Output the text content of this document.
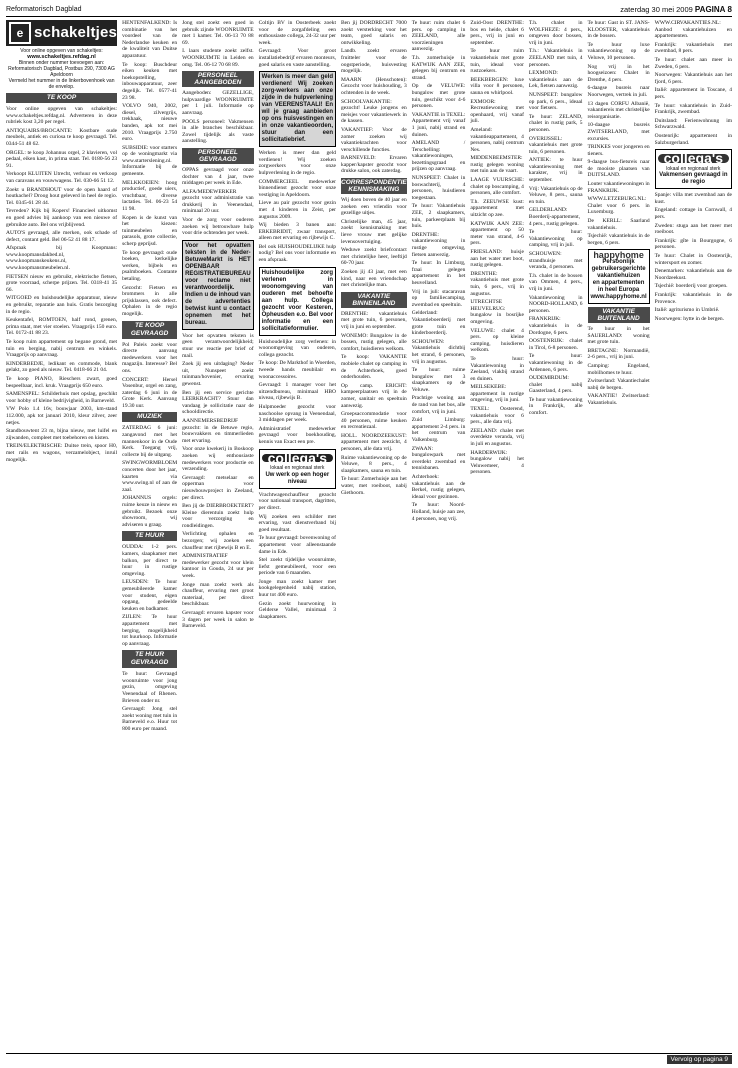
Reformatorisch Dagblad	zaterdag 30 mei 2009 PAGINA 8
e schakeltjes
Voor online opgeven van schakeltjes:
www.schakeltjes.refdag.nl
Binnen onder nummer toevoegen aan:
Reformatorisch Dagblad, Postbus 290, 7300 AG Apeldoorn
Vermeld het nummer in de linkerbovenhoek van de envelop.
TE KOOP

Voor online opgeven van schakeltjes: www.schakeltjes.refdag.nl. Adverteren in deze rubriek kost 3,20 per regel.

ANTIQUAIRS/BROCANTE: Kostbare oude meubels, antiek en curiosa te koop gevraagd. Tel. 0344-51 48 62.

ORGEL: te koop Johannus orgel, 2 klavieren, vol pedaal, eiken kast, in prima staat. Tel. 0180-56 23 91.

Verkoopt KLUITEN Utrecht, verhuur en verkoop van caravans en vouwwagens. Tel. 030-66 51 12.

Zoekt u BRANDHOUT voor de open haard of houtkachel? Droog hout geleverd in heel de regio. Tel. 0345-61 28 44.

Tevreden? Kijk bij Kopers! Financieel uitkomst en goed advies bij aankoop van een nieuwe of gebruikte auto. Bel ons vrijblijvend.

AUTO'S gevraagd, alle merken, ook schade of defect, contant geld. Bel 06-52 41 88 17.

Afspraak bij Koopmans: www.koopmansdakbed.nl, www.koopmanskeukens.nl, www.koopmansmeubelen.nl.

FIETSEN nieuw en gebruikt, elektrische fietsen, grote voorraad, scherpe prijzen. Tel. 0318-41 35 66.

WITGOED en huishoudelijke apparatuur, nieuw en gebruikt, reparatie aan huis. Gratis bezorging in de regio.

Keukentafel, ROMTOEN, half rond, grenen, prima staat, met vier stoelen. Vraagprijs 150 euro. Tel. 0172-41 88 23.

Te koop ruim appartement op begane grond, met tuin en berging, nabij centrum en winkels. Vraagprijs op aanvraag.

KINDERBEDJE, ledikant en commode, blank gelakt, zo goed als nieuw. Tel. 0418-66 21 04.

Te koop PIANO, Rieschers zwart, goed bespeelbaar, incl. kruk. Vraagprijs 650 euro.

SAMENSPEL: Schilderhuis met opslag, geschikt voor hobby of kleine bedrijvigheid, in Barneveld.

VW Polo 1.4 16v, bouwjaar 2003, km-stand 112.000, apk tot januari 2010, kleur zilver, zeer netjes.

Standbouwtent 23 m, bijna nieuw, met luifel en zijwanden, compleet met toebehoren en kisten.

TREIN/ELEKTRISCHE: Duitse trein, spoor H0, met rails en wagons, verzamelobject, inruil mogelijk.

HENTENFALKEND: Is combinatie van het voordeel van de Nederlandse keuken en de kwaliteit van Duitse apparatuur.

Te koop: Buschdeur eiken keuken met hoekopstelling, inbouwapparatuur, zeer degelijk. Tel. 0577-41 23 98.

VOLVO 940, 2002, diesel, zilvergrijs, trekhaak, nieuwe banden, apk tot mei 2010. Vraagprijs 2.750 euro.

SUBSIDIE: voor starters op de woningmarkt via www.starterslening.nl. Informatie bij de gemeente.

MELKKOEIEN: hoog productief, goede uiers, vruchtbaar, diverse lactaties. Tel. 06-23 54 11 98.

Kopen is de kunst van het kiezen: tuinmeubelen en parasols, grote collectie, scherp geprijsd.

Te koop gevraagd: oude boeken, kerkelijke werken, bijbels en psalmboeken. Contante betaling.

Gezocht: Fietsen en brommers in alle prijsklassen, ook defect. Ophalen in de regio mogelijk.

TE KOOP GEVRAAGD

Pol Paleis zoekt voor directe aanvang medewerkers voor het magazijn. Interesse? Bel ons.

CONCERT: Hersel Vosenbur, orgel en zang, zaterdag 6 juni in de Grote Kerk. Aanvang 19.30 uur.

MUZIEK

ZATERDAG 6 juni: zangavond met het mannenkoor in de Oude Kerk. Toegang vrij, collecte bij de uitgang.

SWINGWORMBLOEM concerten door het jaar, kaarten via www.swing.nl of aan de zaal.

JOHANNUS orgels: ruime keuze in nieuw en gebruikt. Bezoek onze showroom, wij adviseren u graag.

TE HUUR

OUDDA: 1-2 pers. kamers, slaapkamer met balkon, per direct te huur in rustige omgeving.

LEUSDEN: Te huur gemeubileerde kamer voor student, eigen opgang, gedeelde keuken en badkamer.

ZIJLEN: Te huur appartement met berging, mogelijkheid tot huurkoop. Informatie op aanvraag.

TE HUUR GEVRAAGD

Te huur: Gevraagd woonruimte voor jong gezin, omgeving Veenendaal of Rhenen. Brieven onder nr.

Gevraagd: Jong stel zoekt woning met tuin in Barneveld e.o. Huur tot 800 euro per maand.

Jong stel zoekt een goed in gebruik zijnde WOONRUIMTE met 1 kamer. Tel. 06-13 70 88 69.

I. laars studente zoekt zelfst. WOONRUIMTE in Leiden en omg. Tel. 06-12 70 68 89.

PERSONEEL AANGEBODEN

Aangeboden: GEZELLIGE, hulpvaardige WOONRUIMTE per 1 juli. Informatie op aanvraag.

POOLS personeel: Vakmensen in alle branches beschikbaar. Zowel tijdelijk als vaste aanstelling.

PERSONEEL GEVRAAGD

OPPAS gevraagd voor onze dochter van 4 jaar, twee middagen per week in Ede.

ALFA/MEDEWERKER gezocht voor administratie van drukkerij in Veenendaal, minimaal 20 uur.

Voor de zorg voor ouderen zoeken wij betrouwbare hulp voor drie ochtenden per week.

Voor het opvatten teksten in de Neder-BetuweMarkt is HET OPENBAAR REGISTRATIEBUREAU voor reclame niet verantwoordelijk. Indien u de inhoud van de advertenties betwist kunt u contact opnemen met het bureau.

Voor het opvatten teksten is geen verantwoordelijkheid; stuur uw reactie per brief of mail.

Zoek jij een uitdaging? Neder uit, Nunspeet zoekt tuinman/hovenier, ervaring gewenst.

Ben jij een service gerichte LEERKRACHT? Stuur dan vandaag je sollicitatie naar de schooldirectie.

AANNEMERSBEDRIJF gezocht: in de Betuwe regio, bouwvakkers en timmerlieden met ervaring.

Voor onze kwekerij in Boskoop zoeken wij enthousiaste medewerkers voor productie en verzending.

Gevraagd: metselaar en opperman voor nieuwbouwproject in Zeeland, per direct.

Ben jij de DIERBROEKTERT? Kleine dierentuin zoekt hulp voor verzorging en rondleidingen.

Verlichting ophalen en bezorgen; wij zoeken een chauffeur met rijbewijs B en E.

ADMINISTRATIEF medewerker gezocht voor klein kantoor in Gouda, 24 uur per week.

Jonge man zoekt werk als chauffeur, ervaring met groot materiaal, per direct beschikbaar.

Gevraagd: ervaren kapster voor 3 dagen per week in salon te Barneveld.

Coltijn BV in Oosterbeek zoekt voor de zorgafdeling een enthousiaste collega, 24-32 uur per week.

Gevraagd: Voor groot installatiebedrijf ervaren monteurs, goed salaris en vaste aanstelling.

Werken is meer dan geld verdienen! Wij zoeken zorg-werkers aan onze zijde in de hulpverlening van VEERENSTAALI! En wil je graag aanbieden op ons huisvestingen en in onze vakantieoorden, stuur dan een sollicitatiebrief.

Werken is meer dan geld verdienen! Wij zoeken zorgwerkers voor onze hulpverlening in de regio.

COMMERCIEEL medewerker binnendienst gezocht voor onze vestiging in Apeldoorn.

Lieve au pair gezocht voor gezin met 4 kinderen in Zeist, per augustus 2009.

Wij bieden 3 banen aan: ERKEBRIDIT, zwaar transport, alleen met ervaring en rijbewijs C.

Bel ook HUISHOUDELIJKE hulp nodig? Bel ons voor informatie en een afspraak.

Huishoudelijke zorg verlenen in woonomgeving van ouderen met behoefte aan hulp. Collega gezocht voor Kesteren, Opheusden e.o. Bel voor informatie en een sollicitatieformulier.

Huishoudelijke zorg verlenen: in woonomgeving van ouderen, collega gezocht.

Te koop: De Markthof in Woerden, tweede hands meubilair en woonaccessoires.

Gevraagd: 1 manager voor het uitzendbureau, minimaal HBO niveau, rijbewijs B.

Hulpmoeder gezocht voor naschoolse opvang in Veenendaal, 3 middagen per week.

Administratief medewerker gevraagd voor boekhouding, kennis van Exact een pre.

collega's
lokaal en regionaal sterk
Uw werk op een hoger niveau

Vrachtwagenchauffeur gezocht voor nationaal transport, dagritten, per direct.

Wij zoeken een schilder met ervaring, vast dienstverband bij goed resultaat.

Te huur gevraagd: bovenwoning of appartement voor alleenstaande dame in Ede.

Stel zoekt tijdelijke woonruimte, liefst gemeubileerd, voor een periode van 6 maanden.

Jonge man zoekt kamer met kookgelegenheid nabij station, huur tot 400 euro.

Gezin zoekt huurwoning in Gelderse Vallei, minimaal 3 slaapkamers.

Ben jij DORDRECHT 7000 zoekt versterking voor het team, goed salaris en ontwikkeling.

Landb. zoekt ervaren fruitteler voor de oogstperiode, huisvesting mogelijk.

MAARN (Henschoten): Gezocht voor huishouding, 3 ochtenden in de week.

SCHOOLVAKANTIE: gezocht! Leuke jongens en meisjes voor vakantiewerk in de kassen.

VAKANTIEF: Voor de zomer zoeken wij vakantiekrachten voor verschillende functies.

BARNEVELD: Ervaren kapper/kapster gezocht voor drukke salon, ook zaterdag.

CORRESPONDENTIE KENNISMAKING

Wij doen boven de 40 jaar en zoeken een vriendin voor gezellige uitjes.

Christelijke man, 45 jaar, zoekt kennismaking met lieve vrouw met gelijke levensovertuiging.

Weduwe zoekt briefcontact met christelijke heer, leeftijd 60-70 jaar.

Zoeken jij 43 jaar, met een kind, naar een vriendschap met christelijke man.

VAKANTIE BINNENLAND

DRENTHE: vakantiehuis met grote tuin, 6 personen, vrij in juni en september.

WONEMO: Bungalow in de bossen, rustig gelegen, alle comfort, huisdieren welkom.

Te koop: VAKANTIE mobiele chalet op camping in de Achterhoek, goed onderhouden.

Op camp. ERICHT: kampeerplaatsen vrij in de zomer, sanitair en speeltuin aanwezig.

Groepsaccommodatie voor 40 personen, ruime keuken en recreatiezaal.

HOLL. NOORDZEEKUST: appartement met zeezicht, 4 personen, alle data vrij.

Ruime vakantiewoning op de Veluwe, 8 pers., 4 slaapkamers, sauna en tuin.

Te huur: Zomerhuisje aan het water, met roeiboot, nabij Giethoorn.

Te huur: ruim chalet 6 pers. op camping in ZEELAND, alle voorzieningen aanwezig.

T.h. zomerhuisje in KATWIJK AAN ZEE, gelegen bij centrum en strand.

Op de VELUWE: bungalow met grote tuin, geschikt voor 4-6 personen.

VAKANTIE in TEXEL: Appartement vrij vanaf 1 juni, nabij strand en duinen.

AMELAND / Terschelling: vakantiewoningen, bezettingsgraad en prijzen op aanvraag.

NUNSPEET: Chalet in boswachterij, 4 personen, huisdieren toegestaan.

Te huur: Vakantiehuis ZEE, 2 slaapkamers, tuin, parkeerplaats bij huis.

DRENTHE: vakantiewoning in rustige omgeving, fietsen aanwezig.

Te huur: In Limburg, fraai gelegen appartement in het heuvelland.

Vrij in juli: stacaravan op familiecamping, zwembad en speeltuin.

Gelderland: Vakantieboerderij met grote tuin en kinderboerderij.

SCHOUWEN: Vakantiehuis dichtbij het strand, 6 personen, vrij in augustus.

Te huur: ruime bungalow met 3 slaapkamers op de Veluwe.

Prachtige woning aan de rand van het bos, alle comfort, vrij in juni.

Zuid Limburg: appartement 2-4 pers. in het centrum van Valkenburg.

ZWAAN: bungalowpark met overdekt zwembad en tennisbanen.

Achterhoek: vakantiehuis aan de Berkel, rustig gelegen, ideaal voor gezinnen.

Te huur: Noord-Holland, huisje aan zee, 4 personen, nog vrij.

Zuid-Oost DRENTHE: bos en heide, chalet 6 pers., vrij in juni en september.

Te huur ruim vakantiehuis met grote tuin, ideaal voor rustzoekers.

BEEKBERGEN: luxe villa voor 8 personen, sauna en whirlpool.

EXMOOR: Recreatiewoning met openhaard, vrij vanaf juli.

Ameland: vakantieappartement, 4 personen, nabij centrum Nes.

MIDDENBEEMSTER: rustig gelegen woning met tuin aan de vaart.

LAAGE VUURSCHE: chalet op boscamping, 4 personen, alle comfort.

T.h. ZEEUWSE kust: appartement met uitzicht op zee.

KATWIJK AAN ZEE: appartement op 50 meter van strand, 4-6 pers.

FRIESLAND: huisje aan het water met boot, rustig gelegen.

DRENTHE: vakantiehuis met grote tuin, 6 pers., vrij in augustus.

UTRECHTSE HEUVELRUG: bungalow in bosrijke omgeving.

VELUWE: chalet 4 pers. op kleine camping, huisdieren welkom.

Te huur: Vakantiewoning in Zeeland, vlakbij strand en duinen.

MEILSEKEBE: appartement in rustige omgeving, vrij in juni.

TEXEL: Oosterend, vakantiehuis voor 6 pers., alle data vrij.

ZEELAND: chalet met overdekte veranda, vrij in juli en augustus.

HARDERWIJK: bungalow nabij het Veluwemeer, 4 personen.

T.h. chalet in WOLFHEZE: 4 pers., omgeven door bossen, vrij in juni.

T.h.: Vakantiehuis in ZEELAND met tuin, 4 personen.

LEXMOND: vakantiehuis aan de Lek, fietsen aanwezig.

NUNSPEET: bungalow op park, 6 pers., ideaal voor fietsers.

Te huur: ZELAND, chalet in rustig park, 5 personen.

OVERIJSSEL: vakantiehuis met grote tuin, 6 personen.

ANTIEK: te huur vakantiewoning met karakter, vrij in september.

Vrij: Vakantiehuis op de Veluwe, 8 pers., sauna en tuin.

GELDERLAND: Boerderij-appartement, 4 pers., rustig gelegen.

Te huur: Vakantiewoning op camping, vrij in juli.

SCHOUWEN: strandhuisje met veranda, 4 personen.

T.h. chalet in de bossen van Ommen, 4 pers., vrij in juni.

Vakantiewoning in NOORD-HOLLAND, 6 personen.

FRANKRIJK: vakantiehuis in de Dordogne, 6 pers.

OOSTENRIJK: chalet in Tirol, 6-8 personen.

Te huur: vakantiewoning in de Ardennen, 6 pers.

OUDEMIRDUM: chalet nabij Gaasterland, 4 pers.

Te huur vakantiewoning in Frankrijk, alle comfort.

Te huur: Gast in ST. JANS-KLOOSTER, vakantiehuis in de bossen.

Te huur luxe vakantiewoning op de Veluwe, 10 personen.

Nog vrij in het hoogseizoen: Chalet in Drenthe, 4 pers.

6-daagse busreis naar Noorwegen, vertrek in juli.

13 dagen CORFU Albanië, vakantiereis met christelijke reisorganisatie.

10-daagse busreis ZWITSERLAND, met excursies.

TRINKES voor jongeren en tieners.

9-daagse bus-fietsreis naar de mooiste plaatsen van DUITSLAND.

Louter vakantiewoningen in FRANKRIJK.

WWW.LETZEBURG.NL: Chalet voor 6 pers. in Luxemburg.

De KERLL: Saarland vakantiehuis.

Tsjechië: vakantiehuis in de bergen, 6 pers.

happyhome
Persoonlijk
gebruikersgerichte
vakantiehuizen
en appartementen
in heel Europa
www.happyhome.nl
VAKANTIE BUITENLAND

Te huur in het SAUERLAND: woning met grote tuin.

BRETAGNE: Normandië, 2-6 pers., vrij in juni.

Camping: Engeland, mobilhomes te huur.

Zwitserland: Vakantiechalet nabij de bergen.

VAKANTIE! Zwitserland: Vakantiehuis.

WWW.CIRVAKANTIES.NL: Aanbod vakantiehuizen en appartementen.

Frankrijk: vakantiehuis met zwembad, 8 pers.

Te huur: chalet aan meer in Zweden, 6 pers.

Noorwegen: Vakantiehuis aan het fjord, 6 pers.

Italië: appartement in Toscane, 4 pers.

Te huur: vakantiehuis in Zuid-Frankrijk, zwembad.

Duitsland: Ferienwohnung im Schwarzwald.

Oostenrijk: appartement in Salzburgerland.

collega's
lokaal en regionaal sterk
Vakmensen gevraagd in de regio

Spanje: villa met zwembad aan de kust.

Engeland: cottage in Cornwall, 4 pers.

Zweden: stuga aan het meer met roeiboot.

Frankrijk: gîte in Bourgogne, 6 personen.

Te huur: Chalet in Oostenrijk, wintersport en zomer.

Denemarken: vakantiehuis aan de Noordzeekust.

Tsjechië: boerderij voor groepen.

Frankrijk: vakantiehuis in de Provence.

Italië: agriturismo in Umbrië.

Noorwegen: hytte in de bergen.

Vervolg op pagina 9
